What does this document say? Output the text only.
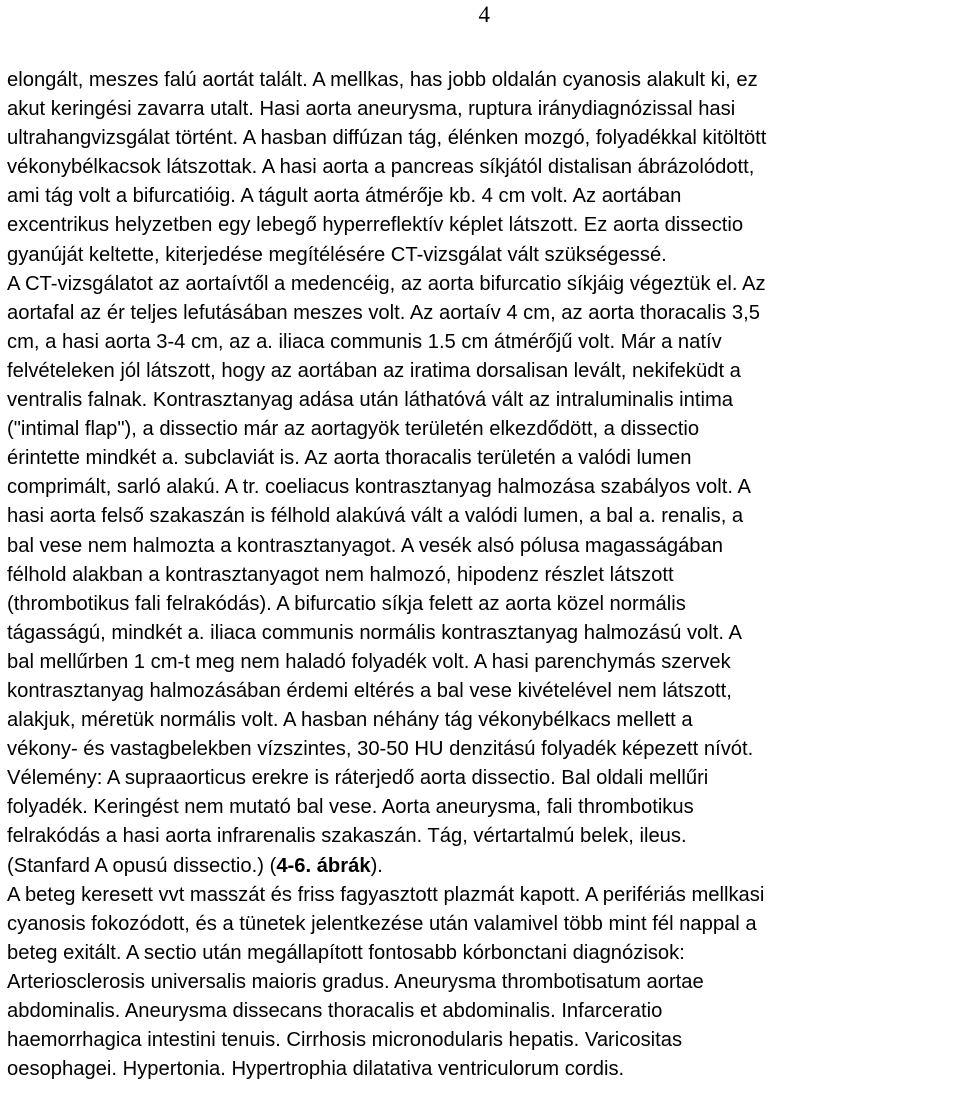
4
elongált, meszes falú aortát talált. A mellkas, has jobb oldalán cyanosis alakult ki, ez
akut keringési zavarra utalt. Hasi aorta aneurysma, ruptura iránydiagnózissal hasi
ultrahangvizsgálat történt. A hasban diffúzan tág, élénken mozgó, folyadékkal kitöltött
vékonybélkacsok látszottak. A hasi aorta a pancreas síkjától distalisan ábrázolódott,
ami tág volt a bifurcatióig. A tágult aorta átmérője kb. 4 cm volt. Az aortában
excentrikus helyzetben egy lebegő hyperreflektív képlet látszott. Ez aorta dissectio
gyanúját keltette, kiterjedése megítélésére CT-vizsgálat vált szükségessé.
A CT-vizsgálatot az aortaívtől a medencéig, az aorta bifurcatio síkjáig végeztük el. Az
aortafal az ér teljes lefutásában meszes volt. Az aortaív 4 cm, az aorta thoracalis 3,5
cm, a hasi aorta 3-4 cm, az a. iliaca communis 1.5 cm átmérőjű volt. Már a natív
felvételeken jól látszott, hogy az aortában az iratima dorsalisan levált, nekifeküdt a
ventralis falnak. Kontrasztanyag adása után láthatóvá vált az intraluminalis intima
("intimal flap"), a dissectio már az aortagyök területén elkezdődött, a dissectio
érintette mindkét a. subclaviát is. Az aorta thoracalis területén a valódi lumen
comprimált, sarló alakú. A tr. coeliacus kontrasztanyag halmozása szabályos volt. A
hasi aorta felső szakaszán is félhold alakúvá vált a valódi lumen, a bal a. renalis, a
bal vese nem halmozta a kontrasztanyagot. A vesék alsó pólusa magasságában
félhold alakban a kontrasztanyagot nem halmozó, hipodenz részlet látszott
(thrombotikus fali felrakódás). A bifurcatio síkja felett az aorta közel normális
tágasságú, mindkét a. iliaca communis normális kontrasztanyag halmozású volt. A
bal mellűrben 1 cm-t meg nem haladó folyadék volt. A hasi parenchymás szervek
kontrasztanyag halmozásában érdemi eltérés a bal vese kivételével nem látszott,
alakjuk, méretük normális volt. A hasban néhány tág vékonybélkacs mellett a
vékony- és vastagbelekben vízszintes, 30-50 HU denzitású folyadék képezett nívót.
Vélemény: A supraaorticus erekre is ráterjedő aorta dissectio. Bal oldali mellűri
folyadék. Keringést nem mutató bal vese. Aorta aneurysma, fali thrombotikus
felrakódás a hasi aorta infrarenalis szakaszán. Tág, vértartalmú belek, ileus.
(Stanfard A opusú dissectio.) (4-6. ábrák).
A beteg keresett vvt masszát és friss fagyasztott plazmát kapott. A perifériás mellkasi
cyanosis fokozódott, és a tünetek jelentkezése után valamivel több mint fél nappal a
beteg exitált. A sectio után megállapított fontosabb kórbonctani diagnózisok:
Arteriosclerosis universalis maioris gradus. Aneurysma thrombotisatum aortae
abdominalis. Aneurysma dissecans thoracalis et abdominalis. Infarceratio
haemorrhagica intestini tenuis. Cirrhosis micronodularis hepatis. Varicositas
oesophagei. Hypertonia. Hypertrophia dilatativa ventriculorum cordis.
